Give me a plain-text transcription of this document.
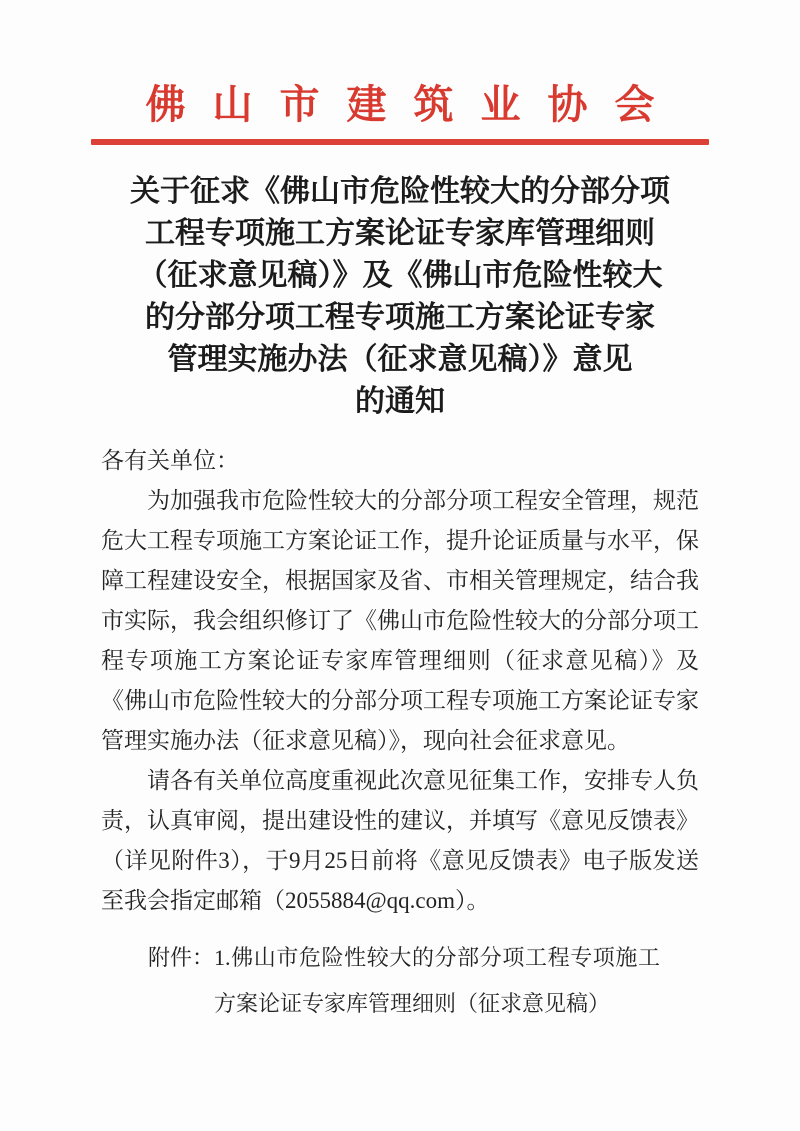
佛山市建筑业协会
关于征求《佛山市危险性较大的分部分项
工程专项施工方案论证专家库管理细则
（征求意见稿）》及《佛山市危险性较大
的分部分项工程专项施工方案论证专家
管理实施办法（征求意见稿）》意见
的通知

各有关单位：

为加强我市危险性较大的分部分项工程安全管理，规范危大工程专项施工方案论证工作，提升论证质量与水平，保障工程建设安全，根据国家及省、市相关管理规定，结合我市实际，我会组织修订了《佛山市危险性较大的分部分项工程专项施工方案论证专家库管理细则（征求意见稿）》及《佛山市危险性较大的分部分项工程专项施工方案论证专家管理实施办法（征求意见稿）》，现向社会征求意见。

请各有关单位高度重视此次意见征集工作，安排专人负责，认真审阅，提出建设性的建议，并填写《意见反馈表》（详见附件3），于9月25日前将《意见反馈表》电子版发送至我会指定邮箱（2055884@qq.com）。

附件： 1.佛山市危险性较大的分部分项工程专项施工方案论证专家库管理细则（征求意见稿）
